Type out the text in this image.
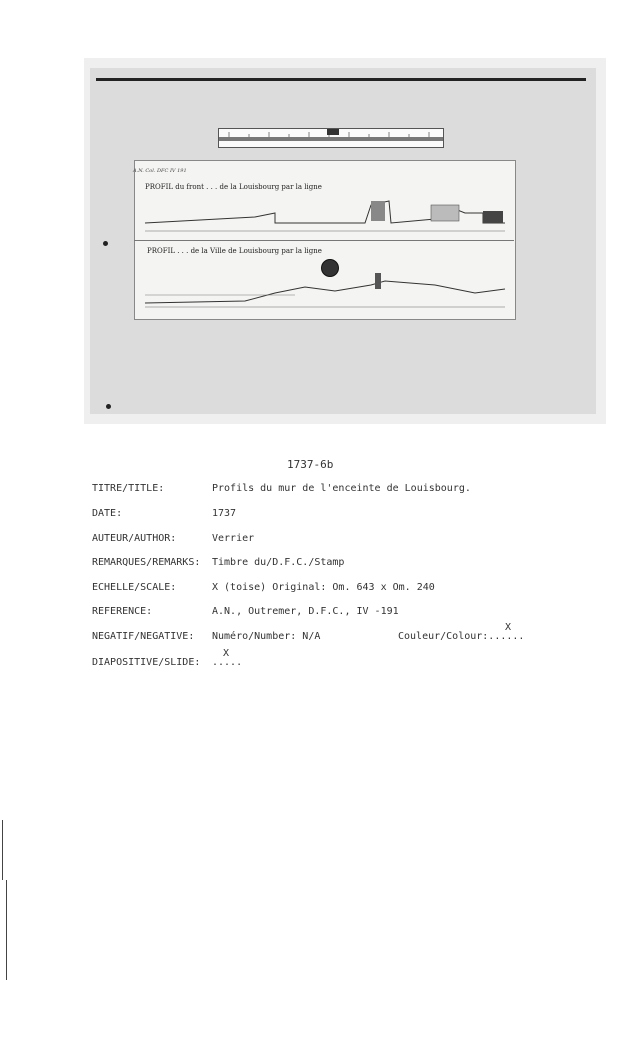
PROFIL du front . . . de la Louisbourg par la ligne
PROFIL . . . de la Ville de Louisbourg par la ligne
A.N. Col. DFC IV 191
1737-6b
TITRE/TITLE:	Profils du mur de l'enceinte de Louisbourg.
DATE:	1737
AUTEUR/AUTHOR:	Verrier
REMARQUES/REMARKS: Timbre du/D.F.C./Stamp
ECHELLE/SCALE:	X (toise) Original: Om. 643 x Om. 240
REFERENCE:	A.N., Outremer, D.F.C., IV -191
NEGATIF/NEGATIVE: Numéro/Number: N/A	Couleur/Colour:......
X
DIAPOSITIVE/SLIDE: .....
X
